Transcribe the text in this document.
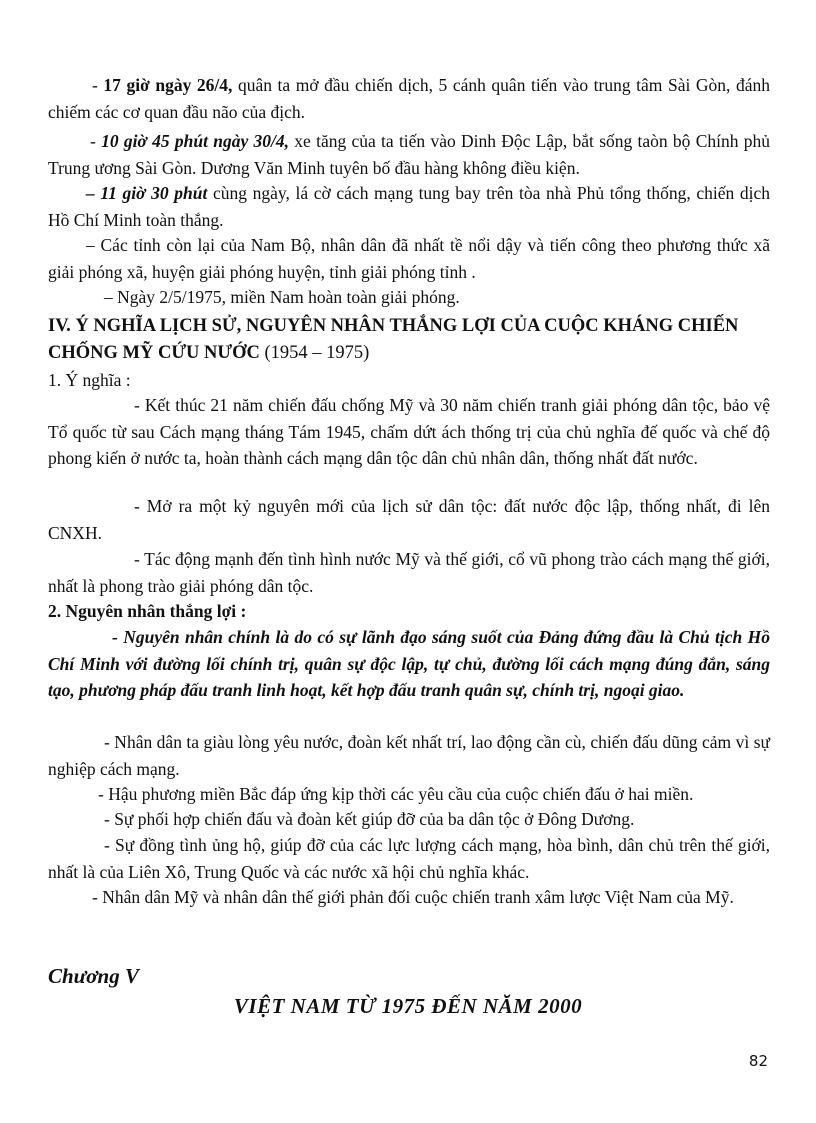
- 17 giờ ngày 26/4, quân ta mở đầu chiến dịch, 5 cánh quân tiến vào trung tâm Sài Gòn, đánh chiếm các cơ quan đầu não của địch.
- 10 giờ 45 phút ngày 30/4, xe tăng của ta tiến vào Dinh Độc Lập, bắt sống taòn bộ Chính phủ Trung ương Sài Gòn. Dương Văn Minh tuyên bố đầu hàng không điều kiện.
– 11 giờ 30 phút cùng ngày, lá cờ cách mạng tung bay trên tòa nhà Phủ tổng thống, chiến dịch Hồ Chí Minh toàn thắng.
– Các tỉnh còn lại của Nam Bộ, nhân dân đã nhất tề nổi dậy và tiến công theo phương thức xã giải phóng xã, huyện giải phóng huyện, tỉnh giải phóng tỉnh .
– Ngày 2/5/1975, miền Nam hoàn toàn giải phóng.
IV. Ý NGHĨA LỊCH SỬ, NGUYÊN NHÂN THẮNG LỢI CỦA CUỘC KHÁNG CHIẾN CHỐNG MỸ CỨU NƯỚC (1954 – 1975)
1. Ý nghĩa :
- Kết thúc 21 năm chiến đấu chống Mỹ và 30 năm chiến tranh giải phóng dân tộc, bảo vệ Tổ quốc từ sau Cách mạng tháng Tám 1945, chấm dứt ách thống trị của chủ nghĩa đế quốc và chế độ phong kiến ở nước ta, hoàn thành cách mạng dân tộc dân chủ nhân dân, thống nhất đất nước.
- Mở ra một kỷ nguyên mới của lịch sử dân tộc: đất nước độc lập, thống nhất, đi lên CNXH.
- Tác động mạnh đến tình hình nước Mỹ và thế giới, cổ vũ phong trào cách mạng thế giới, nhất là phong trào giải phóng dân tộc.
2. Nguyên nhân thắng lợi :
- Nguyên nhân chính là do có sự lãnh đạo sáng suốt của Đảng đứng đầu là Chủ tịch Hồ Chí Minh với đường lối chính trị, quân sự độc lập, tự chủ, đường lối cách mạng đúng đắn, sáng tạo, phương pháp đấu tranh linh hoạt, kết hợp đấu tranh quân sự, chính trị, ngoại giao.
- Nhân dân ta giàu lòng yêu nước, đoàn kết nhất trí, lao động cần cù, chiến đấu dũng cảm vì sự nghiệp cách mạng.
- Hậu phương miền Bắc đáp ứng kịp thời các yêu cầu của cuộc chiến đấu ở hai miền.
- Sự phối hợp chiến đấu và đoàn kết giúp đỡ của ba dân tộc ở Đông Dương.
- Sự đồng tình ủng hộ, giúp đỡ của các lực lượng cách mạng, hòa bình, dân chủ trên thế giới, nhất là của Liên Xô, Trung Quốc và các nước xã hội chủ nghĩa khác.
- Nhân dân Mỹ và nhân dân thế giới phản đối cuộc chiến tranh xâm lược Việt Nam của Mỹ.
Chương V
VIỆT NAM TỪ 1975 ĐẾN NĂM 2000
82
